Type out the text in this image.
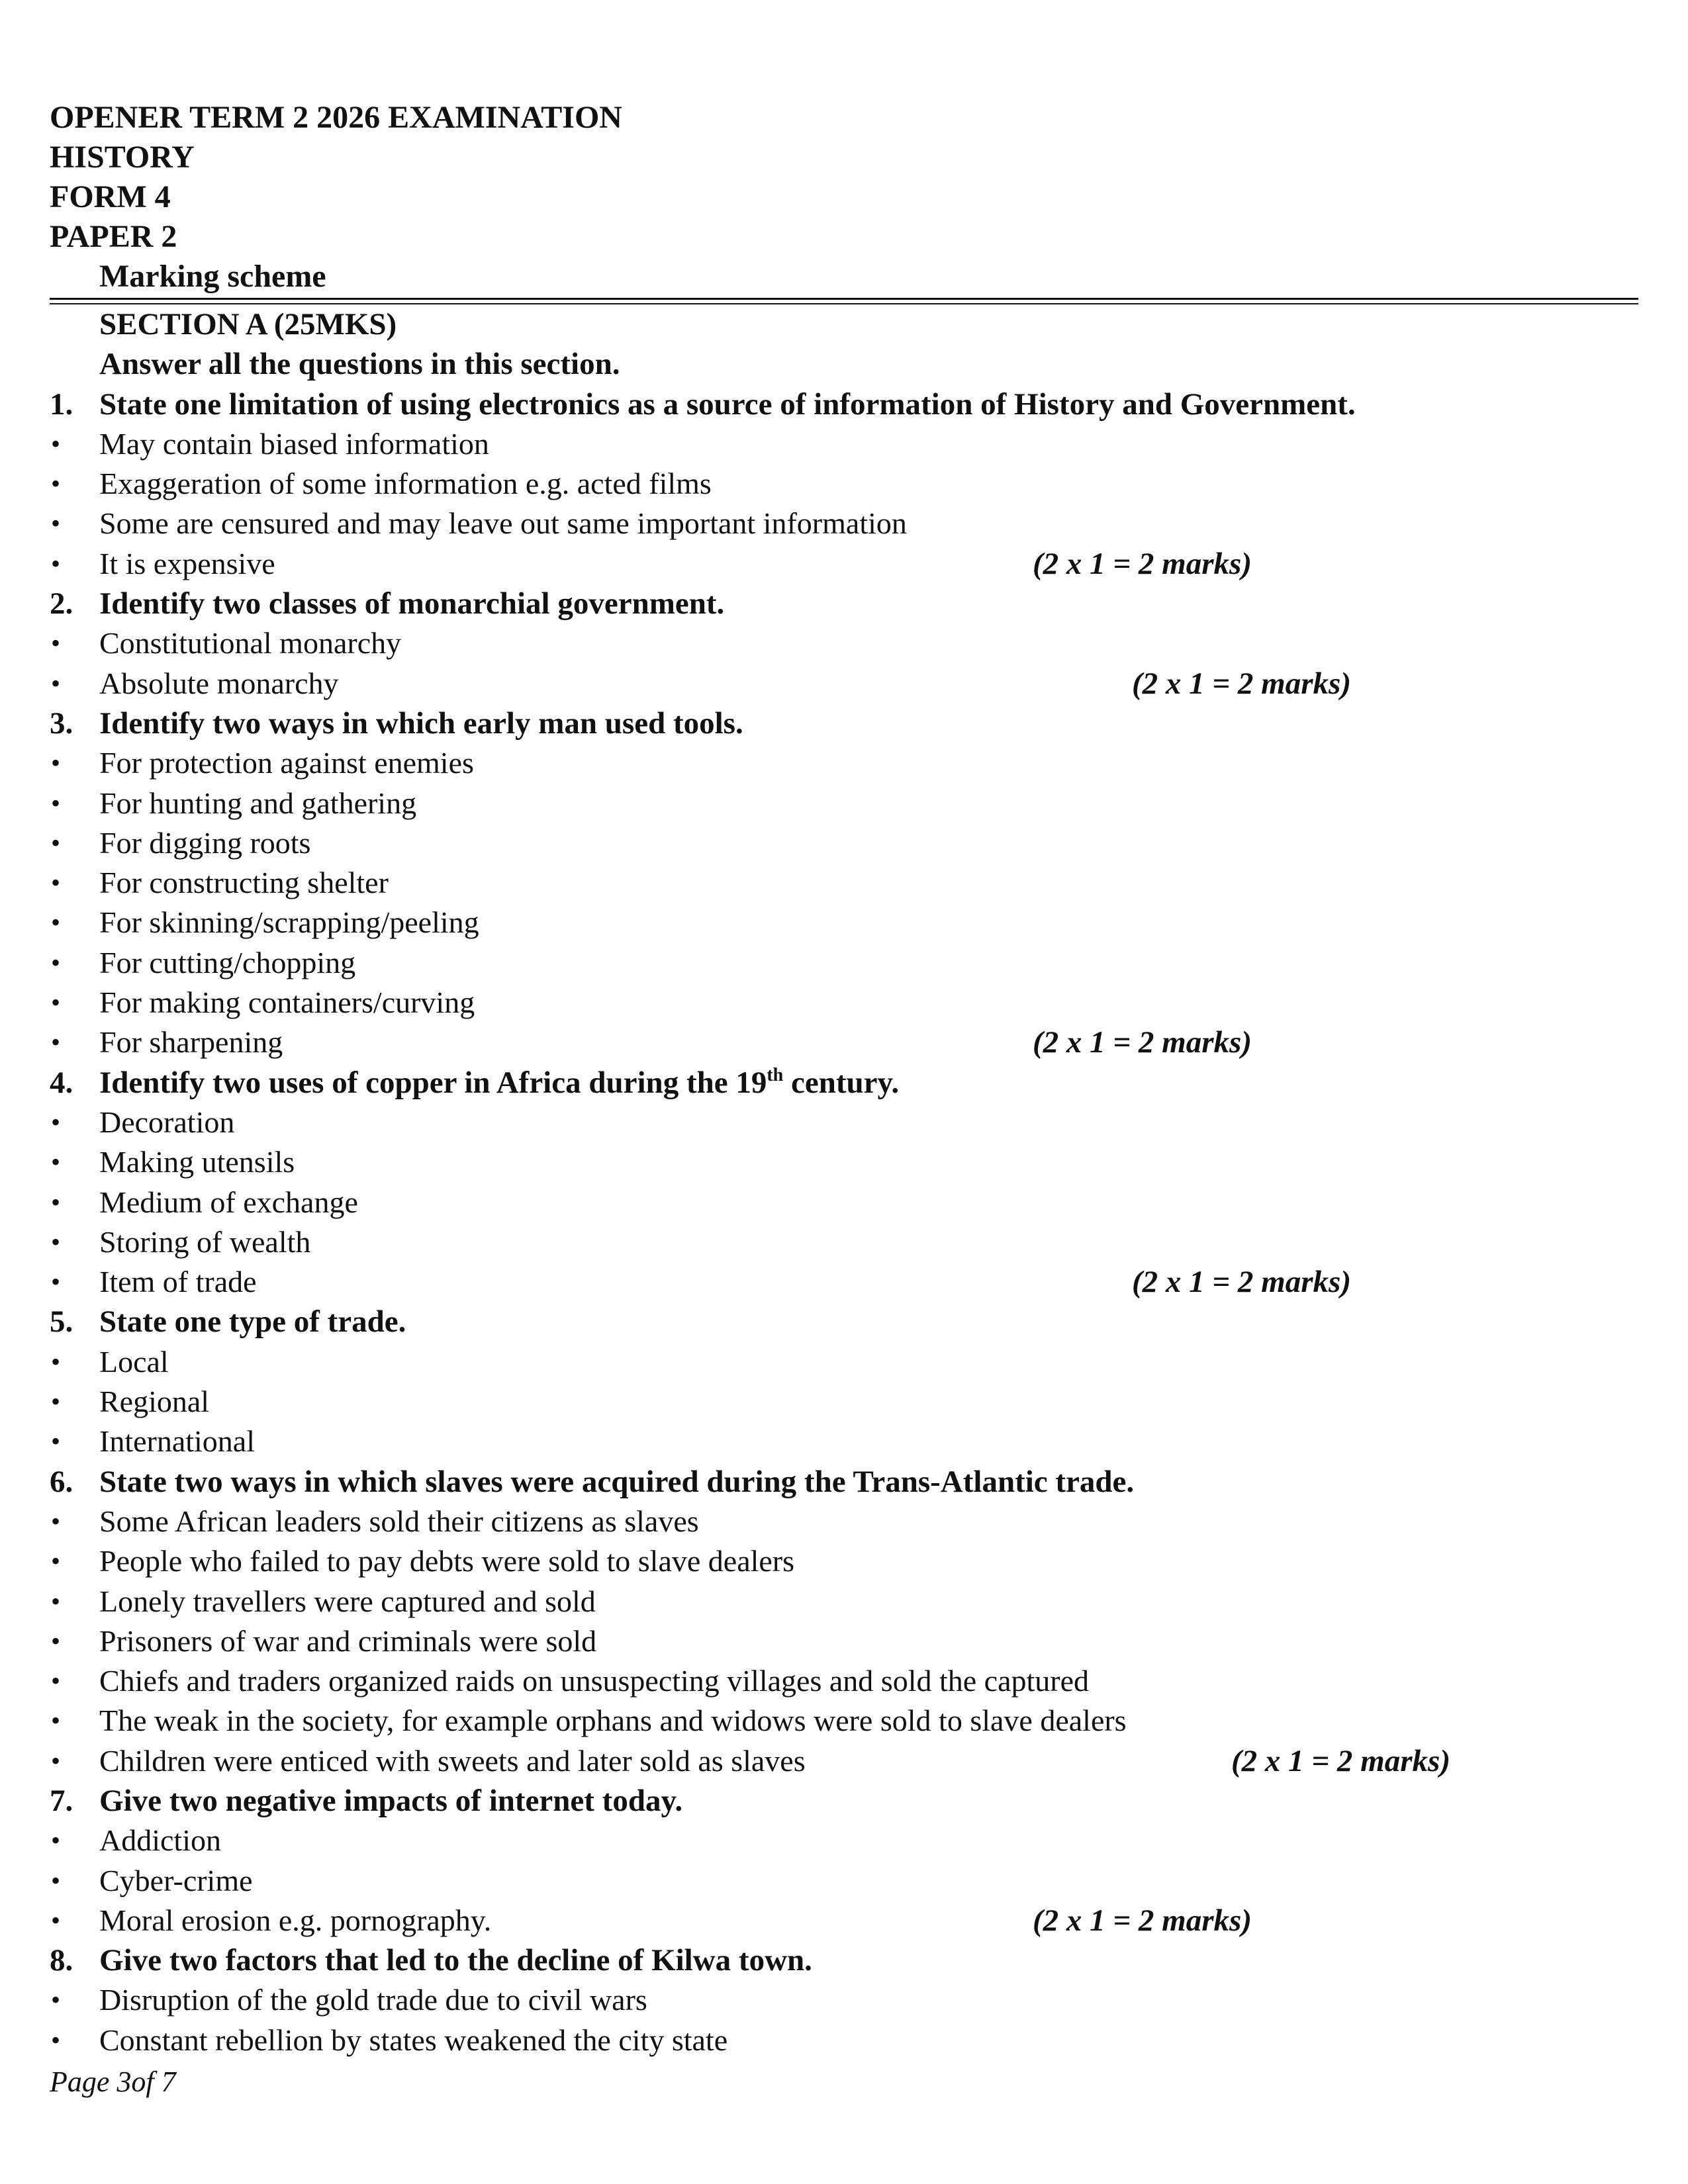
OPENER TERM 2 2026 EXAMINATION
HISTORY
FORM 4
PAPER 2
Marking scheme
SECTION A (25MKS)
Answer all the questions in this section.
1. State one limitation of using electronics as a source of information of History and Government.
•	May contain biased information
•	Exaggeration of some information e.g. acted films
•	Some are censured and may leave out same important information
•	It is expensive	(2 x 1 = 2 marks)
2. Identify two classes of monarchial government.
•	Constitutional monarchy
•	Absolute monarchy	(2 x 1 = 2 marks)
3. Identify two ways in which early man used tools.
•	For protection against enemies
•	For hunting and gathering
•	For digging roots
•	For constructing shelter
•	For skinning/scrapping/peeling
•	For cutting/chopping
•	For making containers/curving
•	For sharpening	(2 x 1 = 2 marks)
4. Identify two uses of copper in Africa during the 19th century.
•	Decoration
•	Making utensils
•	Medium of exchange
•	Storing of wealth
•	Item of trade	(2 x 1 = 2 marks)
5. State one type of trade.
•	Local
•	Regional
•	International
6. State two ways in which slaves were acquired during the Trans-Atlantic trade.
•	Some African leaders sold their citizens as slaves
•	People who failed to pay debts were sold to slave dealers
•	Lonely travellers were captured and sold
•	Prisoners of war and criminals were sold
•	Chiefs and traders organized raids on unsuspecting villages and sold the captured
•	The weak in the society, for example orphans and widows were sold to slave dealers
•	Children were enticed with sweets and later sold as slaves	(2 x 1 = 2 marks)
7. Give two negative impacts of internet today.
•	Addiction
•	Cyber-crime
•	Moral erosion e.g. pornography.	(2 x 1 = 2 marks)
8. Give two factors that led to the decline of Kilwa town.
•	Disruption of the gold trade due to civil wars
•	Constant rebellion by states weakened the city state
Page 3of 7
